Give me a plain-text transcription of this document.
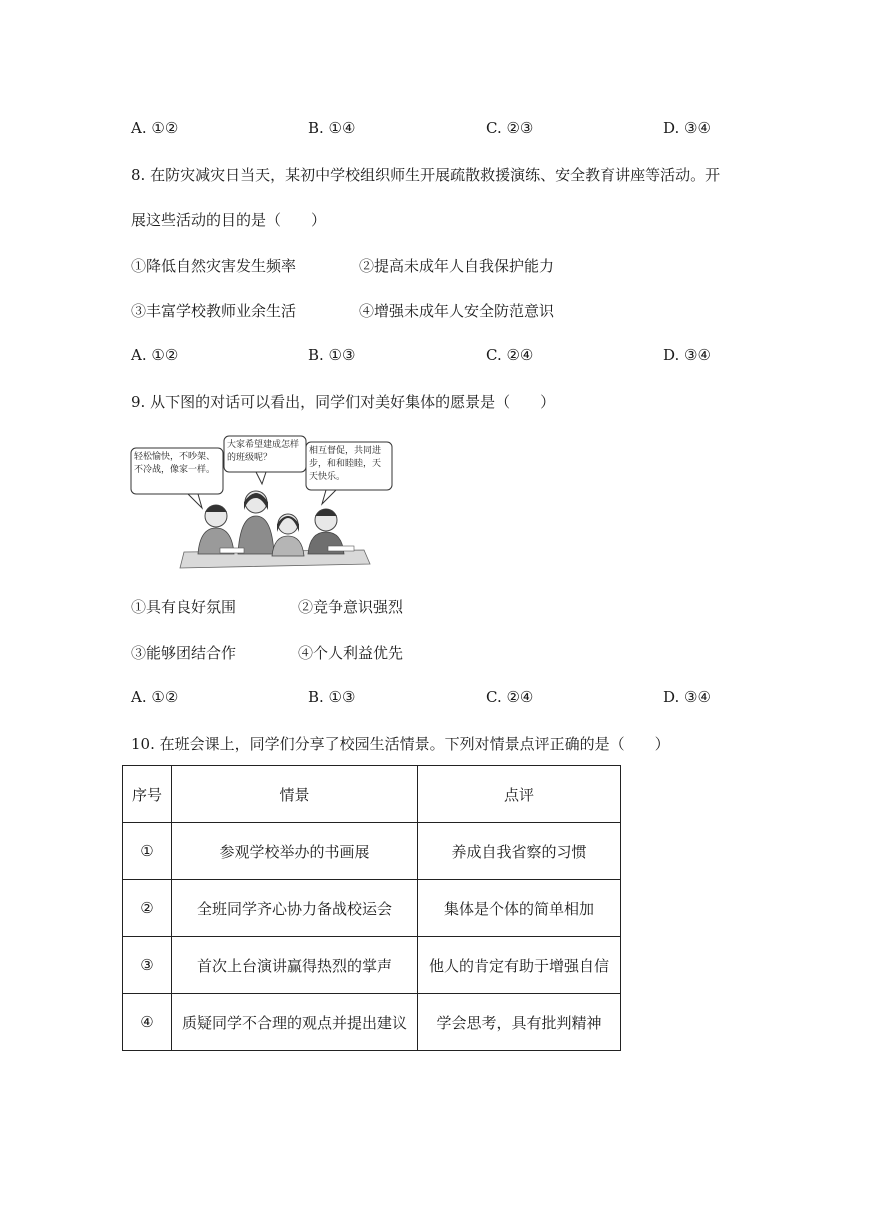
A. ①②	B. ①④	C. ②③	D. ③④
8. 在防灾减灾日当天，某初中学校组织师生开展疏散救援演练、安全教育讲座等活动。开
展这些活动的目的是（　　）
①降低自然灾害发生频率	②提高未成年人自我保护能力
③丰富学校教师业余生活	④增强未成年人安全防范意识
A. ①②	B. ①③	C. ②④	D. ③④
9. 从下图的对话可以看出，同学们对美好集体的愿景是（　　）
轻松愉快，不吵架、不冷战，像家一样。
大家希望建成怎样的班级呢？
相互督促，共同进步，和和睦睦，天天快乐。
①具有良好氛围	②竞争意识强烈
③能够团结合作	④个人利益优先
A. ①②	B. ①③	C. ②④	D. ③④
10. 在班会课上，同学们分享了校园生活情景。下列对情景点评正确的是（　　）
序号	情景	点评
①	参观学校举办的书画展	养成自我省察的习惯
②	全班同学齐心协力备战校运会	集体是个体的简单相加
③	首次上台演讲赢得热烈的掌声	他人的肯定有助于增强自信
④	质疑同学不合理的观点并提出建议	学会思考，具有批判精神
